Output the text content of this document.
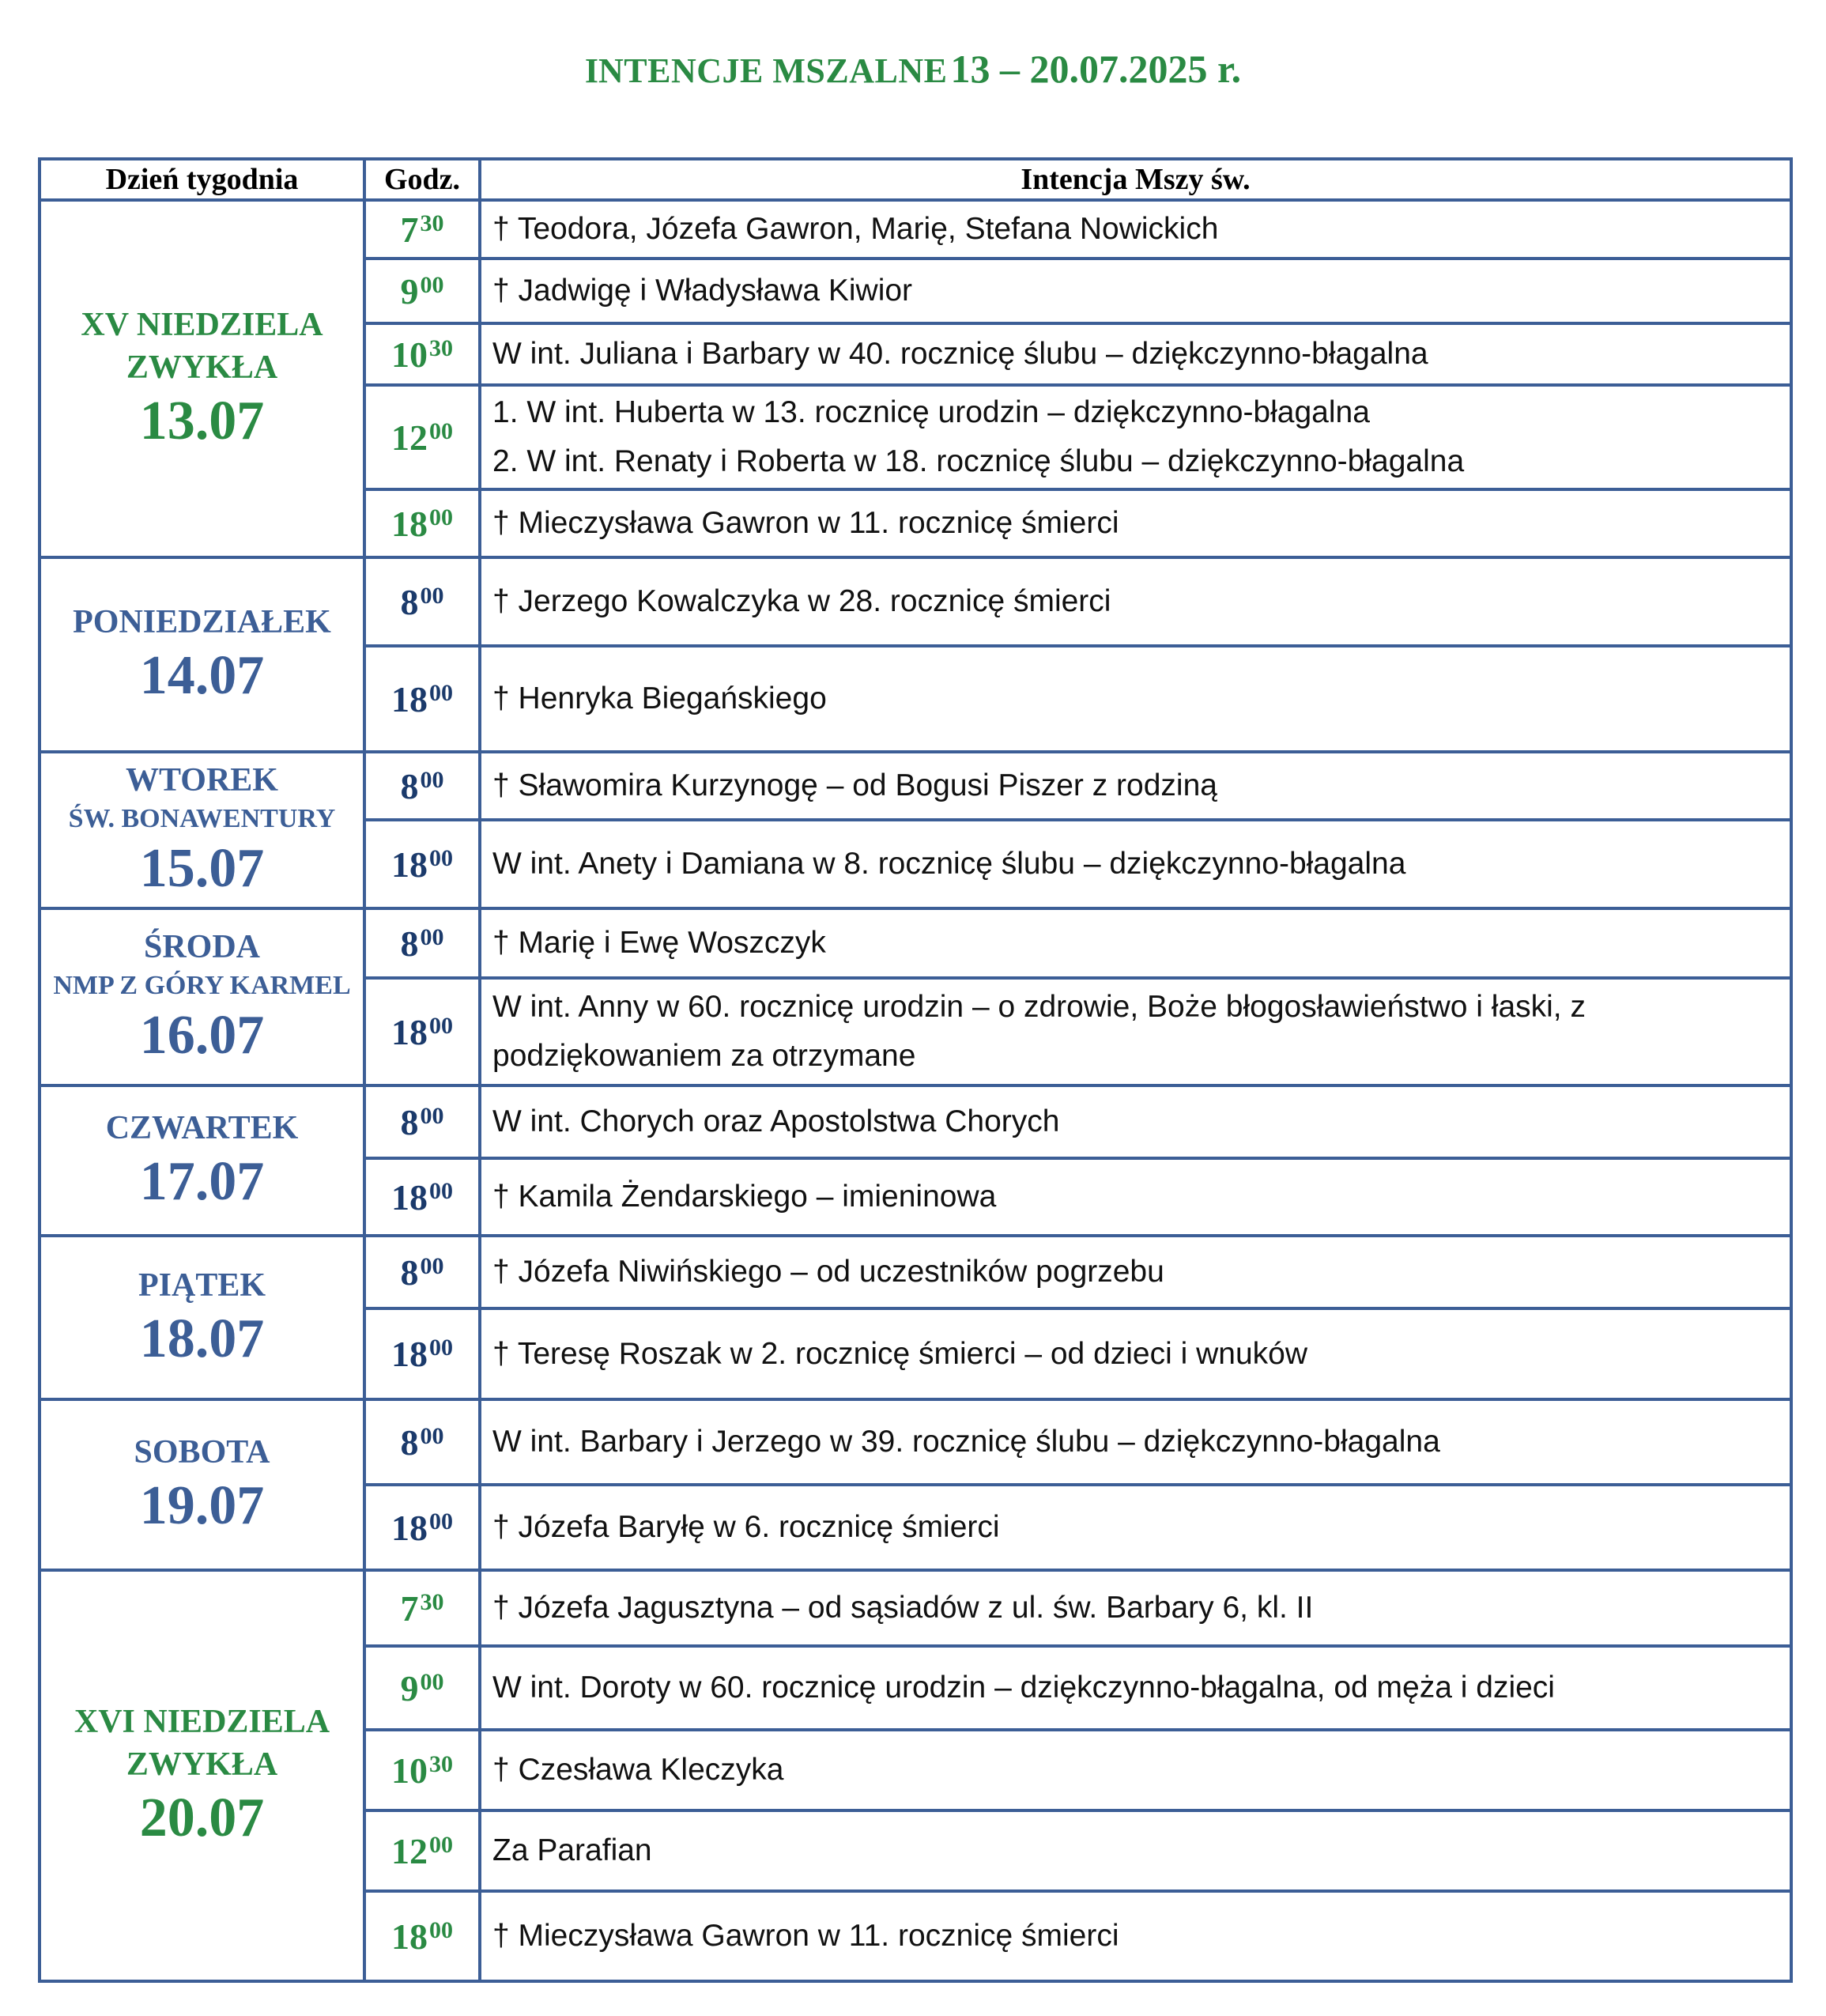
INTENCJE MSZALNE 13 – 20.07.2025 r.
Dzień tygodnia	Godz.	Intencja Mszy św.

XV NIEDZIELA
ZWYKŁA
13.07	$7^{30}$	† Teodora, Józefa Gawron, Marię, Stefana Nowickich

	$9^{00}$	† Jadwigę i Władysława Kiwior

	$10^{30}$	W int. Juliana i Barbary w 40. rocznicę ślubu – dziękczynno-błagalna

	$12^{00}$	1. W int. Huberta w 13. rocznicę urodzin – dziękczynno-błagalna
2. W int. Renaty i Roberta w 18. rocznicę ślubu – dziękczynno-błagalna

	$18^{00}$	† Mieczysława Gawron w 11. rocznicę śmierci

PONIEDZIAŁEK
14.07	$8^{00}$	† Jerzego Kowalczyka w 28. rocznicę śmierci

	$18^{00}$	† Henryka Biegańskiego

WTOREK
ŚW. BONAWENTURY
15.07	$8^{00}$	† Sławomira Kurzynogę – od Bogusi Piszer z rodziną

	$18^{00}$	W int. Anety i Damiana w 8. rocznicę ślubu – dziękczynno-błagalna

ŚRODA
NMP Z GÓRY KARMEL
16.07	$8^{00}$	† Marię i Ewę Woszczyk

	$18^{00}$	W int. Anny w 60. rocznicę urodzin – o zdrowie, Boże błogosławieństwo i łaski, z
podziękowaniem za otrzymane

CZWARTEK
17.07	$8^{00}$	W int. Chorych oraz Apostolstwa Chorych

	$18^{00}$	† Kamila Żendarskiego – imieninowa

PIĄTEK
18.07	$8^{00}$	† Józefa Niwińskiego – od uczestników pogrzebu

	$18^{00}$	† Teresę Roszak w 2. rocznicę śmierci – od dzieci i wnuków

SOBOTA
19.07	$8^{00}$	W int. Barbary i Jerzego w 39. rocznicę ślubu – dziękczynno-błagalna

	$18^{00}$	† Józefa Baryłę w 6. rocznicę śmierci

XVI NIEDZIELA
ZWYKŁA
20.07	$7^{30}$	† Józefa Jagusztyna – od sąsiadów z ul. św. Barbary 6, kl. II

	$9^{00}$	W int. Doroty w 60. rocznicę urodzin – dziękczynno-błagalna, od męża i dzieci

	$10^{30}$	† Czesława Kleczyka

	$12^{00}$	Za Parafian

	$18^{00}$	† Mieczysława Gawron w 11. rocznicę śmierci
